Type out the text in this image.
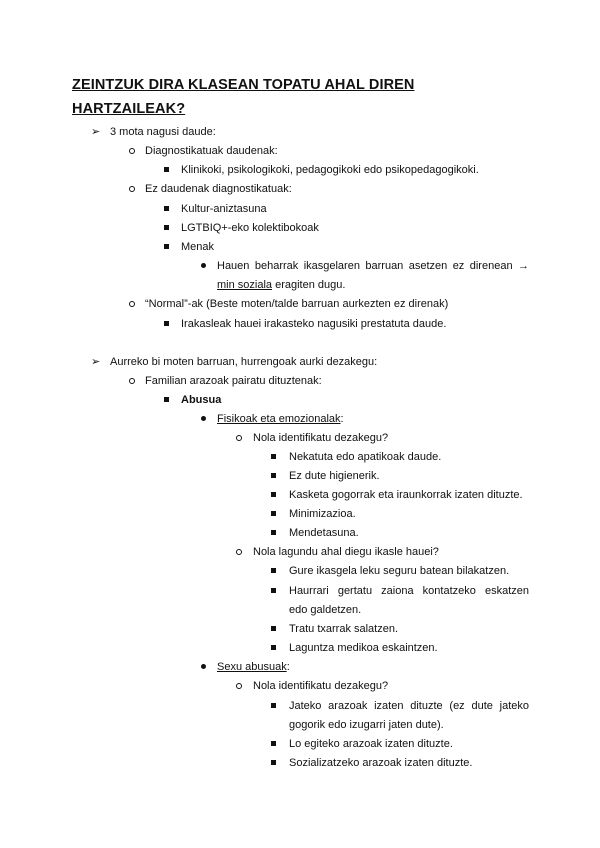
ZEINTZUK DIRA KLASEAN TOPATU AHAL DIREN
HARTZAILEAK?
➢ 3 mota nagusi daude:
Diagnostikatuak daudenak:
Klinikoki, psikologikoki, pedagogikoki edo psikopedagogikoki.
Ez daudenak diagnostikatuak:
Kultur-aniztasuna
LGTBIQ+-eko kolektibokoak
Menak
Hauen beharrak ikasgelaren barruan asetzen ez direnean →
min soziala eragiten dugu.
“Normal”-ak (Beste moten/talde barruan aurkezten ez direnak)
Irakasleak hauei irakasteko nagusiki prestatuta daude.
➢ Aurreko bi moten barruan, hurrengoak aurki dezakegu:
Familian arazoak pairatu dituztenak:
Abusua
Fisikoak eta emozionalak:
Nola identifikatu dezakegu?
Nekatuta edo apatikoak daude.
Ez dute higienerik.
Kasketa gogorrak eta iraunkorrak izaten dituzte.
Minimizazioa.
Mendetasuna.
Nola lagundu ahal diegu ikasle hauei?
Gure ikasgela leku seguru batean bilakatzen.
Haurrari gertatu zaiona kontatzeko eskatzen
edo galdetzen.
Tratu txarrak salatzen.
Laguntza medikoa eskaintzen.
Sexu abusuak:
Nola identifikatu dezakegu?
Jateko arazoak izaten dituzte (ez dute jateko
gogorik edo izugarri jaten dute).
Lo egiteko arazoak izaten dituzte.
Sozializatzeko arazoak izaten dituzte.
